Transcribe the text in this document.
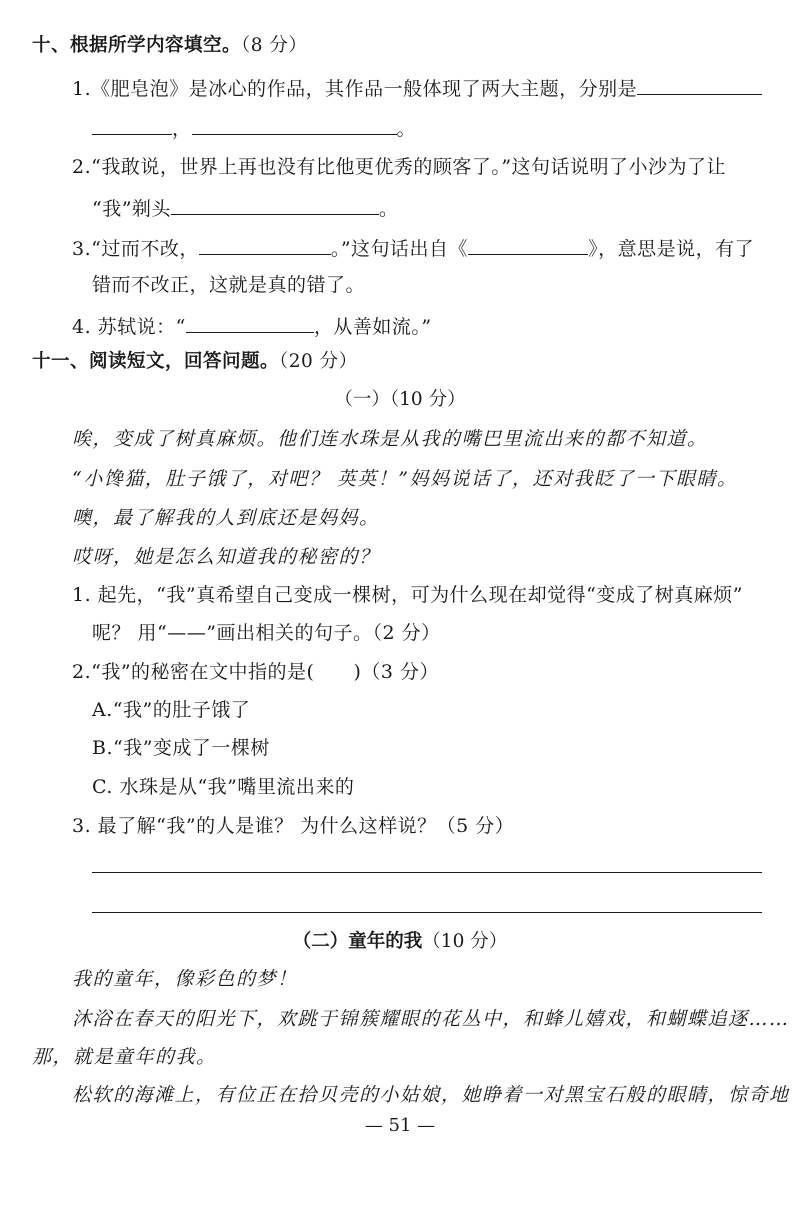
十、根据所学内容填空。（8 分）
1.《肥皂泡》是冰心的作品，其作品一般体现了两大主题，分别是
，	。
2.“我敢说，世界上再也没有比他更优秀的顾客了。”这句话说明了小沙为了让
“我”剃头	。
3.“过而不改，	。”这句话出自《	》，意思是说，有了
错而不改正，这就是真的错了。
4. 苏轼说：“	，从善如流。”
十一、阅读短文，回答问题。（20 分）
（一）（10 分）
唉，变成了树真麻烦。他们连水珠是从我的嘴巴里流出来的都不知道。
“小馋猫，肚子饿了，对吧？ 英英！”妈妈说话了，还对我眨了一下眼睛。
噢，最了解我的人到底还是妈妈。
哎呀，她是怎么知道我的秘密的？
1. 起先，“我”真希望自己变成一棵树，可为什么现在却觉得“变成了树真麻烦”
呢？ 用“——”画出相关的句子。（2 分）
2.“我”的秘密在文中指的是(　　)（3 分）
A.“我”的肚子饿了
B.“我”变成了一棵树
C. 水珠是从“我”嘴里流出来的
3. 最了解“我”的人是谁？ 为什么这样说？（5 分）
（二）童年的我（10 分）
我的童年，像彩色的梦！
沐浴在春天的阳光下，欢跳于锦簇耀眼的花丛中，和蜂儿嬉戏，和蝴蝶追逐……
那，就是童年的我。
松软的海滩上，有位正在拾贝壳的小姑娘，她睁着一对黑宝石般的眼睛，惊奇地
— 51 —
